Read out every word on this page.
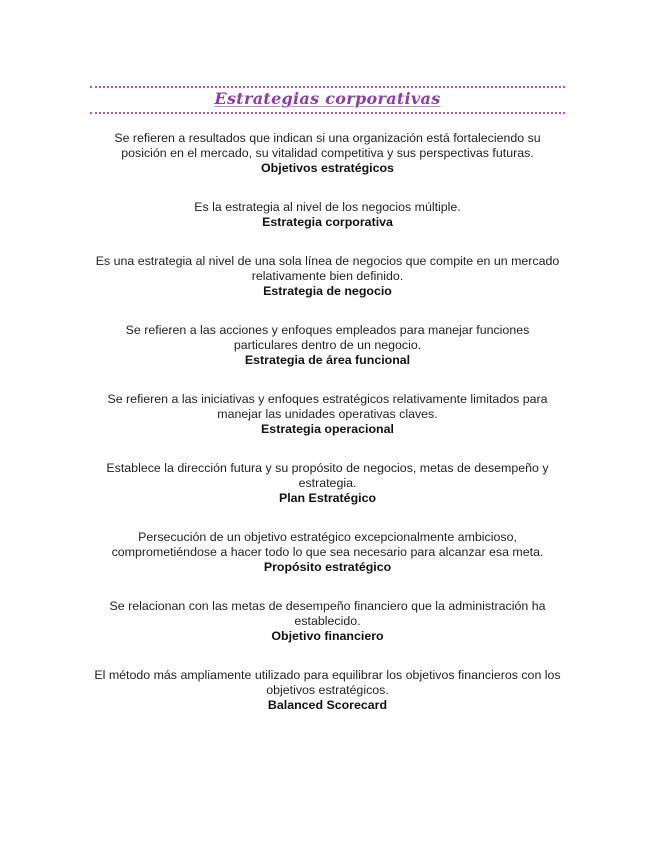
Estrategias corporativas
Se refieren a resultados que indican si una organización está fortaleciendo su posición en el mercado, su vitalidad competitiva y sus perspectivas futuras.
Objetivos estratégicos
Es la estrategia al nivel de los negocios múltiple.
Estrategia corporativa
Es una estrategia al nivel de una sola línea de negocios que compite en un mercado relativamente bien definido.
Estrategia de negocio
Se refieren a las acciones y enfoques empleados para manejar funciones particulares dentro de un negocio.
Estrategia de área funcional
Se refieren a las iniciativas y enfoques estratégicos relativamente limitados para manejar las unidades operativas claves.
Estrategia operacional
Establece la dirección futura y su propósito de negocios, metas de desempeño y estrategia.
Plan Estratégico
Persecución de un objetivo estratégico excepcionalmente ambicioso, comprometiéndose a hacer todo lo que sea necesario para alcanzar esa meta.
Propósito estratégico
Se relacionan con las metas de desempeño financiero que la administración ha establecido.
Objetivo financiero
El método más ampliamente utilizado para equilibrar los objetivos financieros con los objetivos estratégicos.
Balanced Scorecard
